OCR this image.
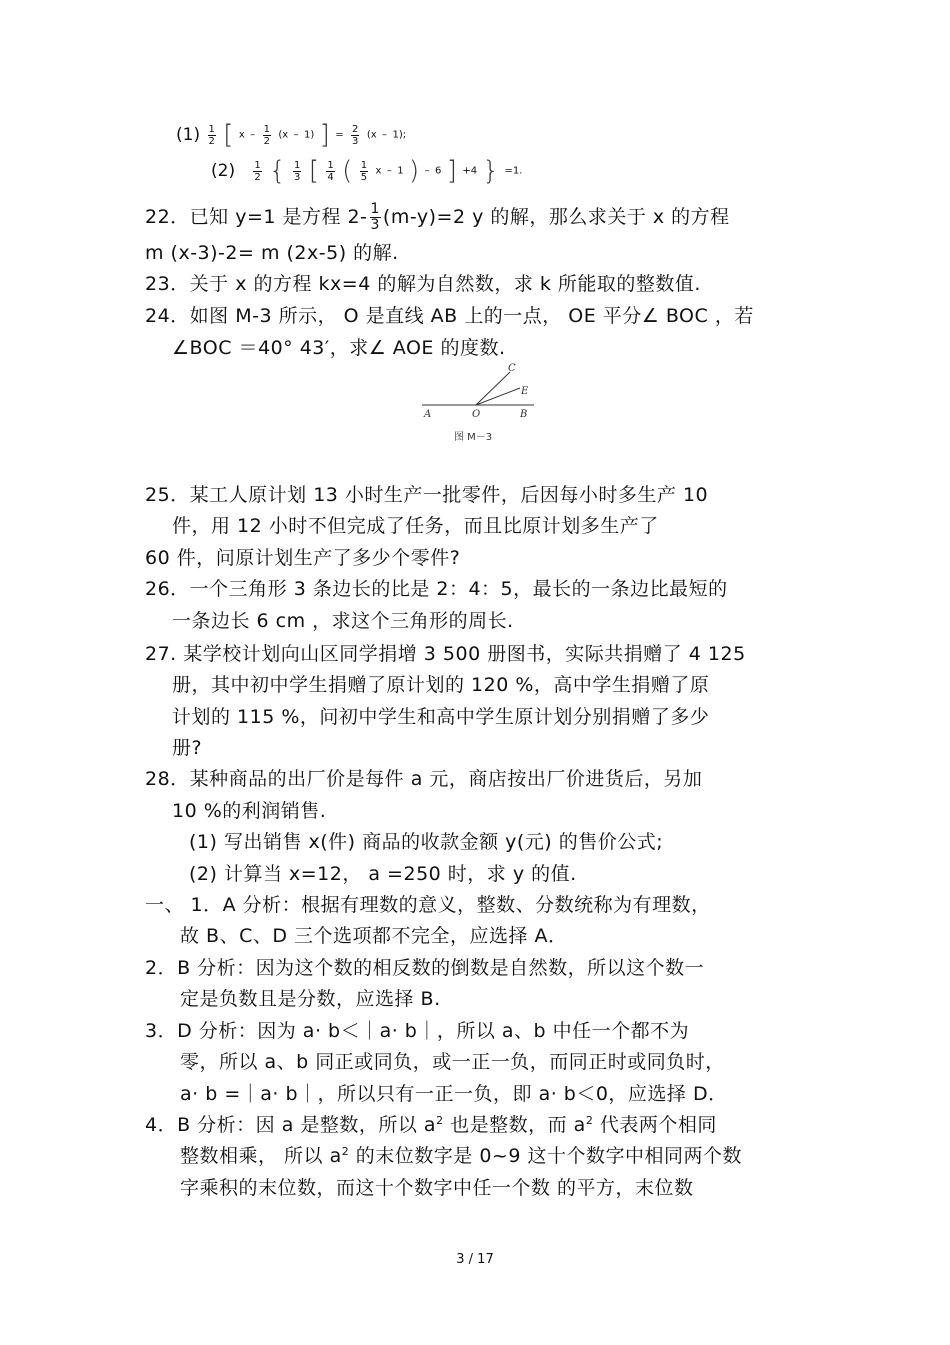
$(1) \frac{1}{2}$ [ x – $\frac{1}{2} (x - 1)$ ] = $\frac{2}{3} (x - 1)$;
$(2) \frac{1}{2}$ { $\frac{1}{3}$ [ $\frac{1}{4}$ ( $\frac{1}{5}$ x – 1 ) – 6 ] +4 } =1.
22．已知 y=1 是方程 $2- \frac{1}{3} (m-y)=2$ y 的解，那么求关于 x 的方程
m (x-3)-2= m (2x-5) 的解.
23．关于 x 的方程 kx=4 的解为自然数，求 k 所能取的整数值.
24．如图 M-3 所示， O 是直线 AB 上的一点， OE 平分∠ BOC ，若
∠BOC ＝40° 43′，求∠ AOE 的度数.
A	O	B
C
E
图 M－3
25．某工人原计划 13 小时生产一批零件，后因每小时多生产 10
件，用 12 小时不但完成了任务，而且比原计划多生产了
60 件，问原计划生产了多少个零件?
26．一个三角形 3 条边长的比是 2：4：5，最长的一条边比最短的
一条边长 6 cm ，求这个三角形的周长.
27. 某学校计划向山区同学捐增 3 500 册图书，实际共捐赠了 4 125
册，其中初中学生捐赠了原计划的 120 %，高中学生捐赠了原
计划的 115 %，问初中学生和高中学生原计划分别捐赠了多少
册?
28．某种商品的出厂价是每件 a 元，商店按出厂价进货后，另加
10 %的利润销售.
(1) 写出销售 x(件) 商品的收款金额 y(元) 的售价公式;
(2) 计算当 x=12， a =250 时，求 y 的值.
一、 1．A 分析：根据有理数的意义，整数、分数统称为有理数，
故 B、C、D 三个选项都不完全，应选择 A．
2．B 分析：因为这个数的相反数的倒数是自然数，所以这个数一
定是负数且是分数，应选择 B.
3．D 分析：因为 a· b＜｜a· b｜，所以 a、b 中任一个都不为
零，所以 a、b 同正或同负，或一正一负，而同正时或同负时，
a· b =｜a· b｜，所以只有一正一负，即 a· b＜0，应选择 D．
4．B 分析：因 a 是整数，所以 $a^2$ 也是整数，而 $a^2$ 代表两个相同
整数相乘， 所以 $a^2$ 的末位数字是 0~9 这十个数字中相同两个数
字乘积的末位数，而这十个数字中任一个数 的平方，末位数
3 / 17
